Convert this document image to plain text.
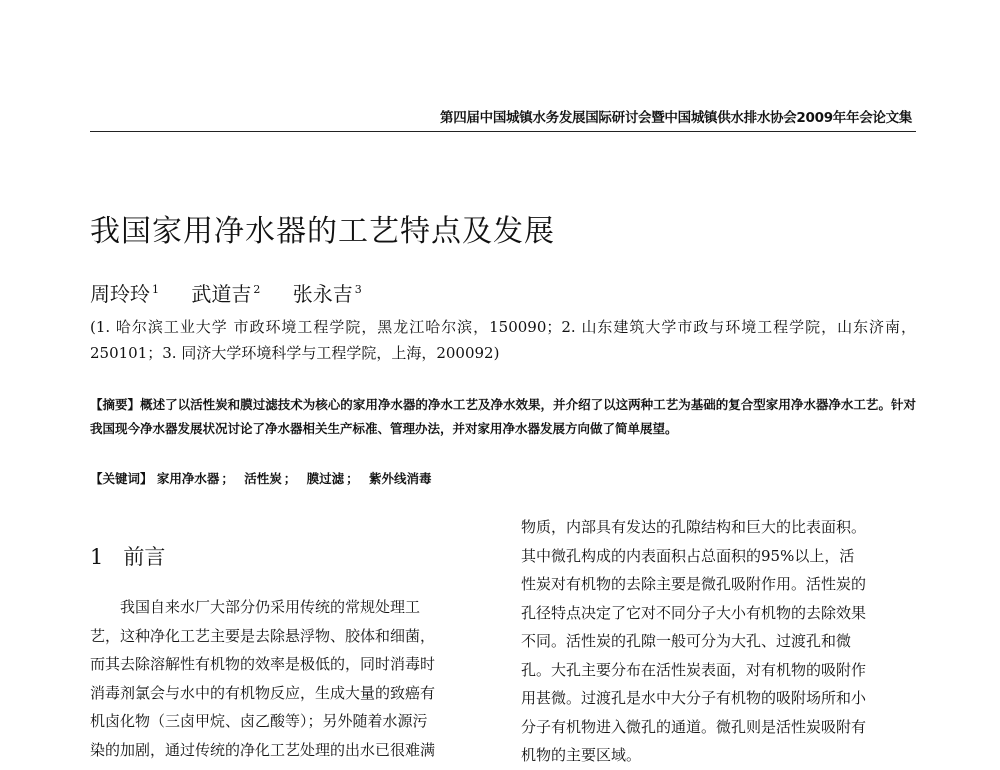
第四届中国城镇水务发展国际研讨会暨中国城镇供水排水协会2009年年会论文集
我国家用净水器的工艺特点及发展
周玲玲 $^1$ 武道吉 $^2$ 张永吉 $^3$
(1. 哈尔滨工业大学 市政环境工程学院，黑龙江哈尔滨，150090；2. 山东建筑大学市政与环境工程学院，山东济南，250101；3. 同济大学环境科学与工程学院，上海，200092)
【摘要】概述了以活性炭和膜过滤技术为核心的家用净水器的净水工艺及净水效果，并介绍了以这两种工艺为基础的复合型家用净水器净水工艺。针对我国现今净水器发展状况讨论了净水器相关生产标准、管理办法，并对家用净水器发展方向做了简单展望。
【关键词】 家用净水器 ； 活性炭 ； 膜过滤 ； 紫外线消毒
1 前言
我国自来水厂大部分仍采用传统的常规处理工
艺，这种净化工艺主要是去除悬浮物、胶体和细菌，
而其去除溶解性有机物的效率是极低的，同时消毒时
消毒剂氯会与水中的有机物反应，生成大量的致癌有
机卤化物（三卤甲烷、卤乙酸等）；另外随着水源污
染的加剧，通过传统的净化工艺处理的出水已很难满
物质，内部具有发达的孔隙结构和巨大的比表面积。
其中微孔构成的内表面积占总面积的95%以上，活
性炭对有机物的去除主要是微孔吸附作用。活性炭的
孔径特点决定了它对不同分子大小有机物的去除效果
不同。活性炭的孔隙一般可分为大孔、过渡孔和微
孔。大孔主要分布在活性炭表面，对有机物的吸附作
用甚微。过渡孔是水中大分子有机物的吸附场所和小
分子有机物进入微孔的通道。微孔则是活性炭吸附有
机物的主要区域。
